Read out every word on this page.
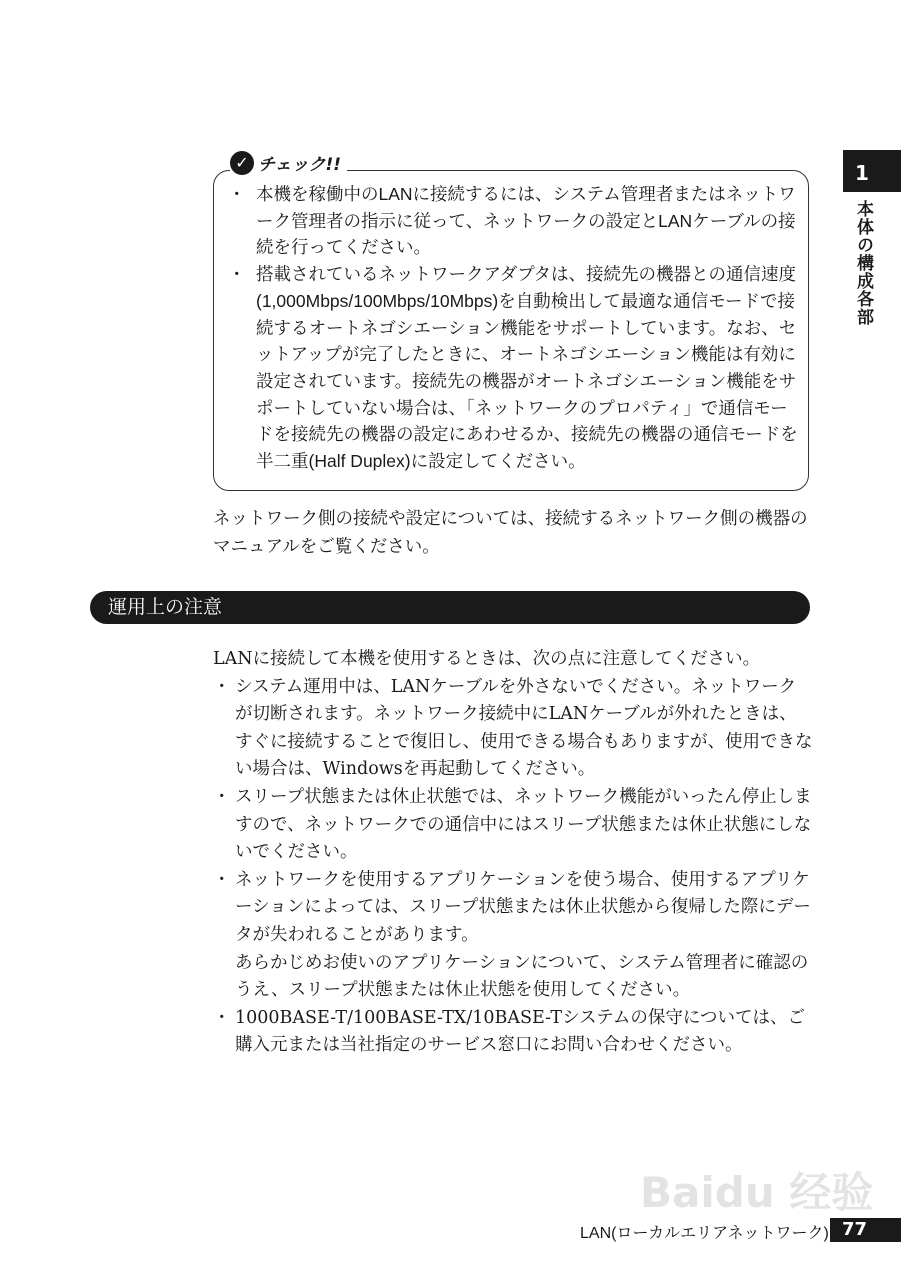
✓ チェック!!
・ 本機を稼働中のLANに接続するには、システム管理者またはネットワーク管理者の指示に従って、ネットワークの設定とLANケーブルの接続を行ってください。
・ 搭載されているネットワークアダプタは、接続先の機器との通信速度(1,000Mbps/100Mbps/10Mbps)を自動検出して最適な通信モードで接続するオートネゴシエーション機能をサポートしています。なお、セットアップが完了したときに、オートネゴシエーション機能は有効に設定されています。接続先の機器がオートネゴシエーション機能をサポートしていない場合は、「ネットワークのプロパティ」で通信モードを接続先の機器の設定にあわせるか、接続先の機器の通信モードを半二重(Half Duplex)に設定してください。
ネットワーク側の接続や設定については、接続するネットワーク側の機器のマニュアルをご覧ください。
運用上の注意
LANに接続して本機を使用するときは、次の点に注意してください。
・ システム運用中は、LANケーブルを外さないでください。ネットワークが切断されます。ネットワーク接続中にLANケーブルが外れたときは、すぐに接続することで復旧し、使用できる場合もありますが、使用できない場合は、Windowsを再起動してください。
・ スリープ状態または休止状態では、ネットワーク機能がいったん停止しますので、ネットワークでの通信中にはスリープ状態または休止状態にしないでください。
・ ネットワークを使用するアプリケーションを使う場合、使用するアプリケーションによっては、スリープ状態または休止状態から復帰した際にデータが失われることがあります。
あらかじめお使いのアプリケーションについて、システム管理者に確認のうえ、スリープ状態または休止状態を使用してください。
・ 1000BASE-T/100BASE-TX/10BASE-Tシステムの保守については、ご購入元または当社指定のサービス窓口にお問い合わせください。
1
本体の構成各部
Baidu 经验
LAN(ローカルエリアネットワーク) 77
